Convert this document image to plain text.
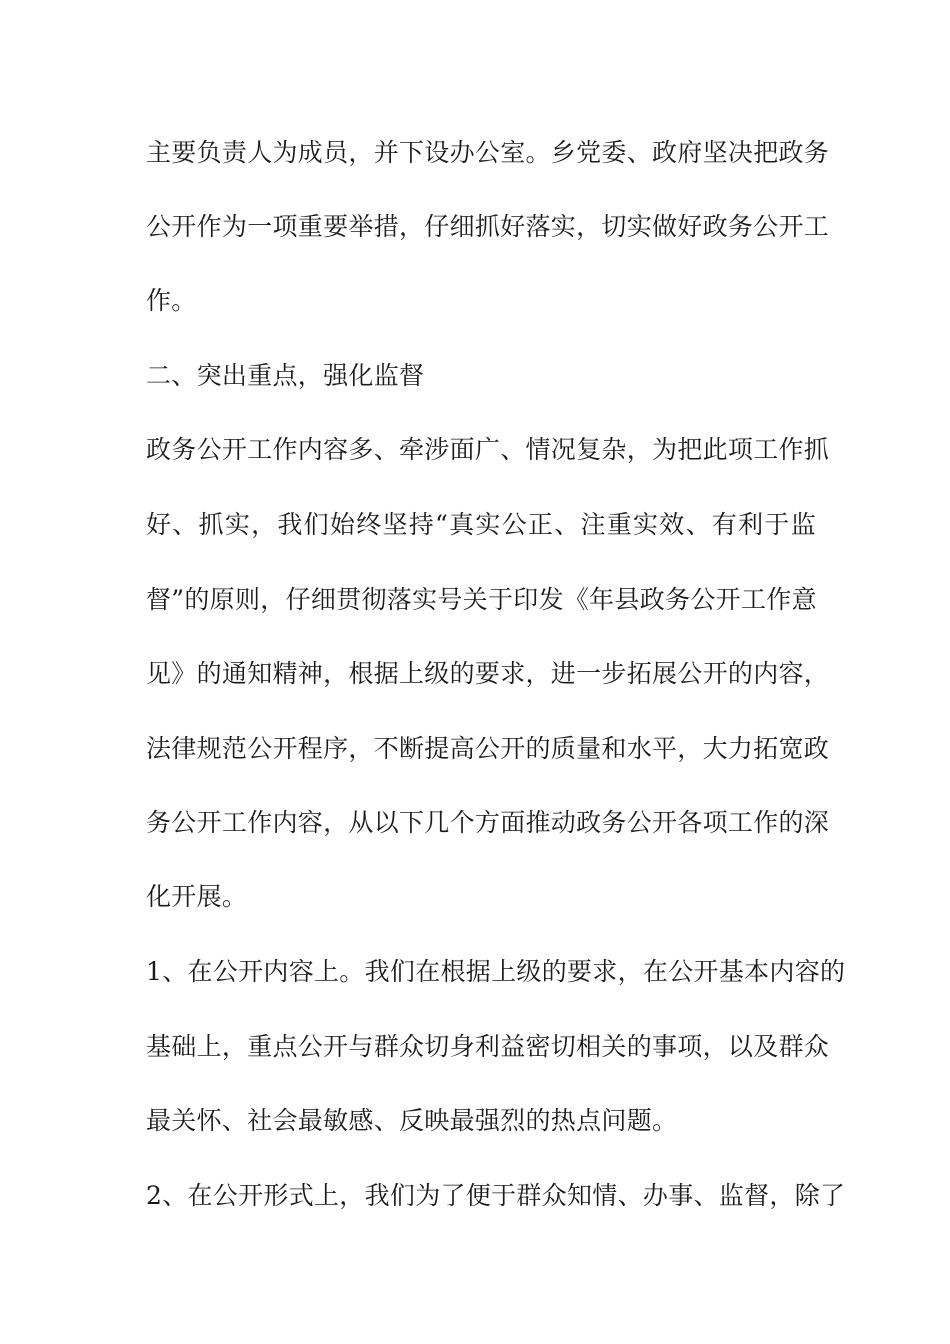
主要负责人为成员，并下设办公室。乡党委、政府坚决把政务
公开作为一项重要举措，仔细抓好落实，切实做好政务公开工
作。
二、突出重点，强化监督
政务公开工作内容多、牵涉面广、情况复杂，为把此项工作抓
好、抓实，我们始终坚持“真实公正、注重实效、有利于监
督”的原则，仔细贯彻落实号关于印发《年县政务公开工作意
见》的通知精神，根据上级的要求，进一步拓展公开的内容，
法律规范公开程序，不断提高公开的质量和水平，大力拓宽政
务公开工作内容，从以下几个方面推动政务公开各项工作的深
化开展。
1、在公开内容上。我们在根据上级的要求，在公开基本内容的
基础上，重点公开与群众切身利益密切相关的事项，以及群众
最关怀、社会最敏感、反映最强烈的热点问题。
2、在公开形式上，我们为了便于群众知情、办事、监督，除了
